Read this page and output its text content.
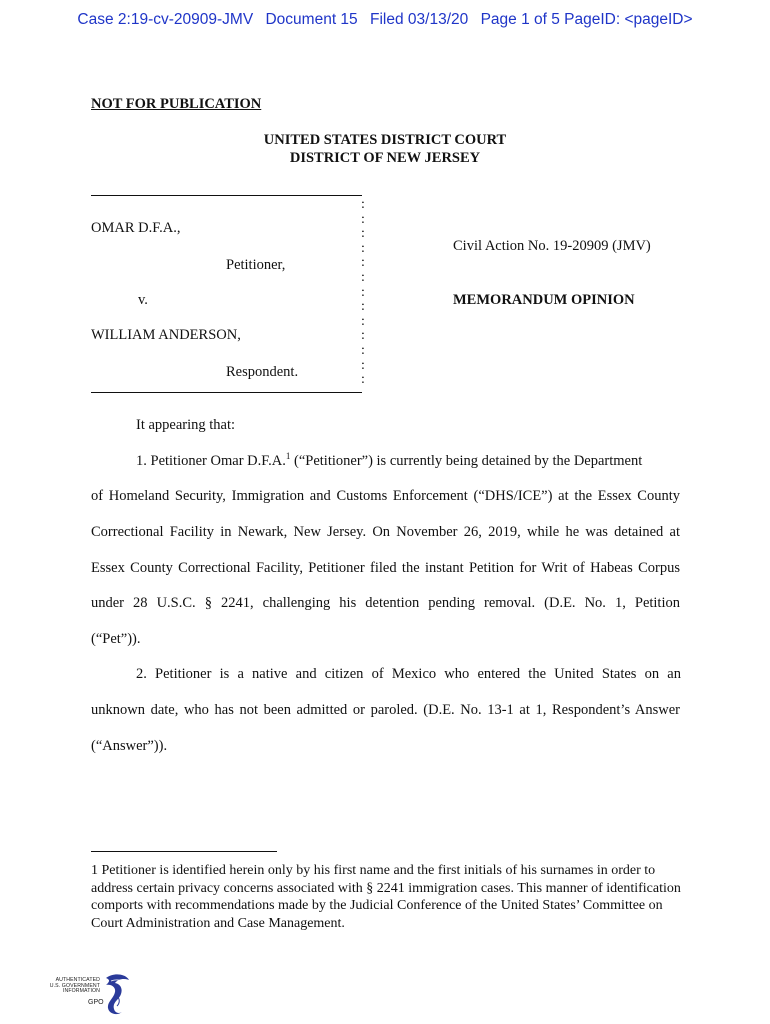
Case 2:19-cv-20909-JMV Document 15 Filed 03/13/20 Page 1 of 5 PageID: <pageID>
NOT FOR PUBLICATION
UNITED STATES DISTRICT COURT
DISTRICT OF NEW JERSEY
:
:
:
:
:
:
:
:
:
:
:
:
:
OMAR D.F.A.,
Petitioner,
v.
WILLIAM ANDERSON,
Respondent.
Civil Action No. 19-20909 (JMV)
MEMORANDUM OPINION
It appearing that:
1. Petitioner Omar D.F.A.$^1$ (“Petitioner”) is currently being detained by the Department
of Homeland Security, Immigration and Customs Enforcement (“DHS/ICE”) at the Essex County
Correctional Facility in Newark, New Jersey. On November 26, 2019, while he was detained at
Essex County Correctional Facility, Petitioner filed the instant Petition for Writ of Habeas Corpus
under 28 U.S.C. § 2241, challenging his detention pending removal. (D.E. No. 1, Petition
(“Pet”)).
2. Petitioner is a native and citizen of Mexico who entered the United States on an
unknown date, who has not been admitted or paroled. (D.E. No. 13-1 at 1, Respondent’s Answer
(“Answer”)).
1 Petitioner is identified herein only by his first name and the first initials of his surnames in order to address certain privacy concerns associated with § 2241 immigration cases. This manner of identification comports with recommendations made by the Judicial Conference of the United States’ Committee on Court Administration and Case Management.
AUTHENTICATED
U.S. GOVERNMENT
INFORMATION
GPO
